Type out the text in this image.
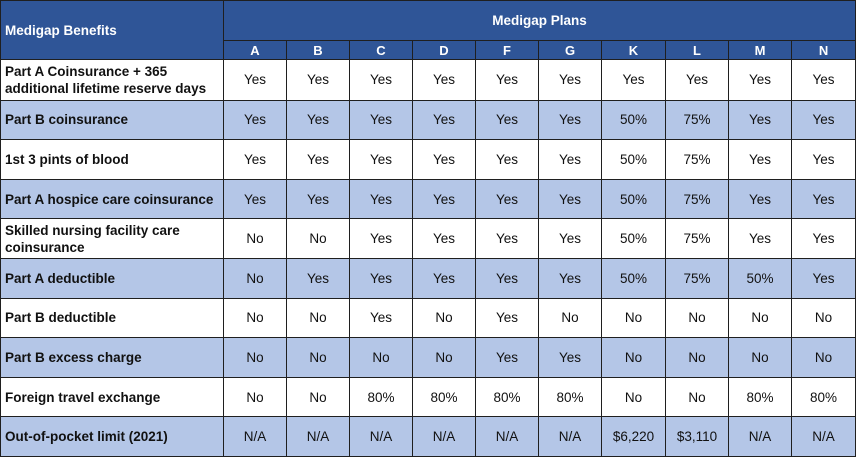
Medigap Benefits	Medigap Plans									
	A	B	C	D	F	G	K	L	M	N
Part A Coinsurance + 365 additional lifetime reserve days	Yes	Yes	Yes	Yes	Yes	Yes	Yes	Yes	Yes	Yes
Part B coinsurance	Yes	Yes	Yes	Yes	Yes	Yes	50%	75%	Yes	Yes
1st 3 pints of blood	Yes	Yes	Yes	Yes	Yes	Yes	50%	75%	Yes	Yes
Part A hospice care coinsurance	Yes	Yes	Yes	Yes	Yes	Yes	50%	75%	Yes	Yes
Skilled nursing facility care coinsurance	No	No	Yes	Yes	Yes	Yes	50%	75%	Yes	Yes
Part A deductible	No	Yes	Yes	Yes	Yes	Yes	50%	75%	50%	Yes
Part B deductible	No	No	Yes	No	Yes	No	No	No	No	No
Part B excess charge	No	No	No	No	Yes	Yes	No	No	No	No
Foreign travel exchange	No	No	80%	80%	80%	80%	No	No	80%	80%
Out-of-pocket limit (2021)	N/A	N/A	N/A	N/A	N/A	N/A	$6,220	$3,110	N/A	N/A
